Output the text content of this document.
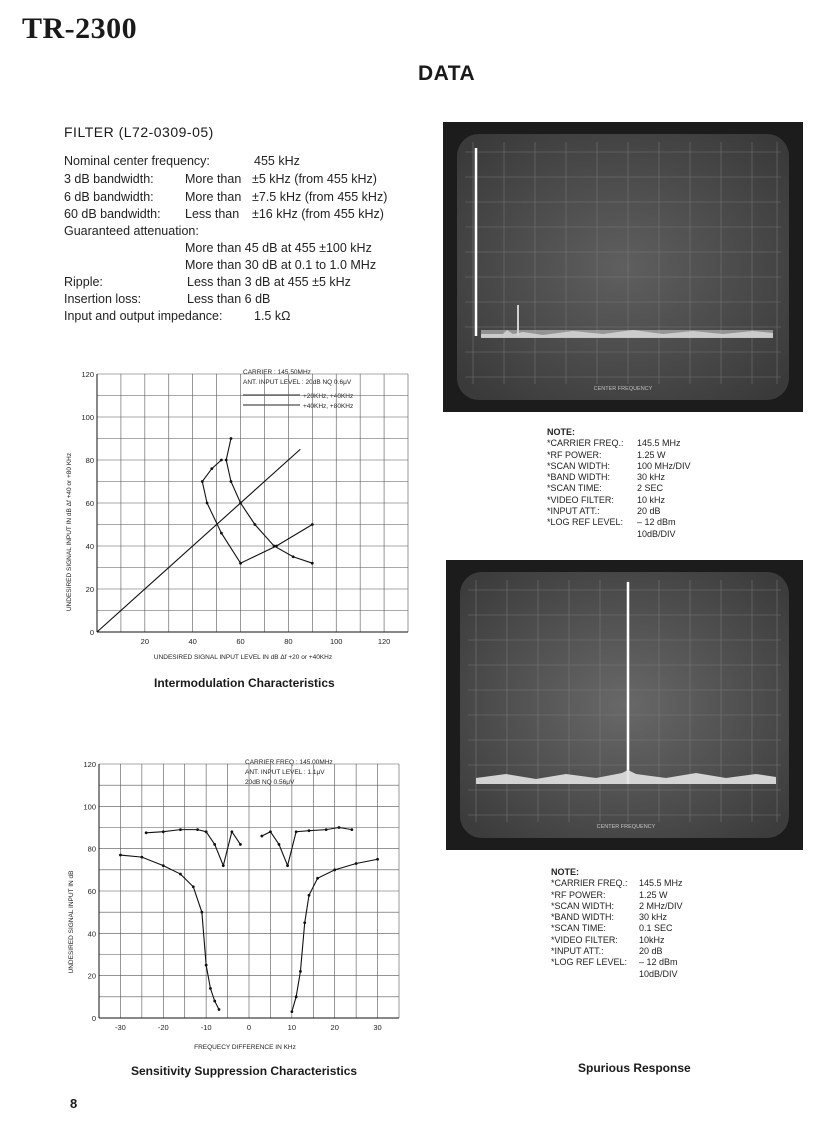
TR-2300
DATA
FILTER (L72-0309-05)
Nominal center frequency:	455 kHz
3 dB bandwidth:	More than ±5 kHz (from 455 kHz)
6 dB bandwidth:	More than ±7.5 kHz (from 455 kHz)
60 dB bandwidth: Less than ±16 kHz (from 455 kHz)
Guaranteed attenuation:
More than 45 dB at 455 ±100 kHz
More than 30 dB at 0.1 to 1.0 MHz
Ripple:	Less than 3 dB at 455 ±5 kHz
Insertion loss:	Less than 6 dB
Input and output impedance:	1.5 kΩ
UNDESIRED SIGNAL INPUT IN dB Δf +40 or +80 KHz
UNDESIRED SIGNAL INPUT LEVEL IN dB Δf +20 or +40KHz
CARRIER : 145.50MHz
ANT. INPUT LEVEL : 20dB NQ 0.6μV
+20KHz, +40KHz
+40KHz, +80KHz
20	40	60	80	100	120
20
40
60
80
100
120
0
Intermodulation Characteristics
UNDESIRED SIGNAL INPUT IN dB
FREQUECY DIFFERENCE IN KHz
CARRIER FREQ : 145.00MHz
ANT. INPUT LEVEL : 1.1μV
20dB NQ 0.56μV
-30	-20	-10	0	10	20	30
20
40
60
80
100
120
0
Sensitivity Suppression Characteristics
CENTER FREQUENCY
NOTE:
*CARRIER FREQ.: 145.5 MHz
*RF POWER:	1.25 W
*SCAN WIDTH:	100 MHz/DIV
*BAND WIDTH:	30 kHz
*SCAN TIME:	2 SEC
*VIDEO FILTER:	10 kHz
*INPUT ATT.:	20 dB
*LOG REF LEVEL: – 12 dBm
10dB/DIV
CENTER FREQUENCY
NOTE:
*CARRIER FREQ.: 145.5 MHz
*RF POWER:	1.25 W
*SCAN WIDTH:	2 MHz/DIV
*BAND WIDTH:	30 kHz
*SCAN TIME:	0.1 SEC
*VIDEO FILTER: 10kHz
*INPUT ATT.:	20 dB
*LOG REF LEVEL: – 12 dBm
10dB/DIV
Spurious Response
8
